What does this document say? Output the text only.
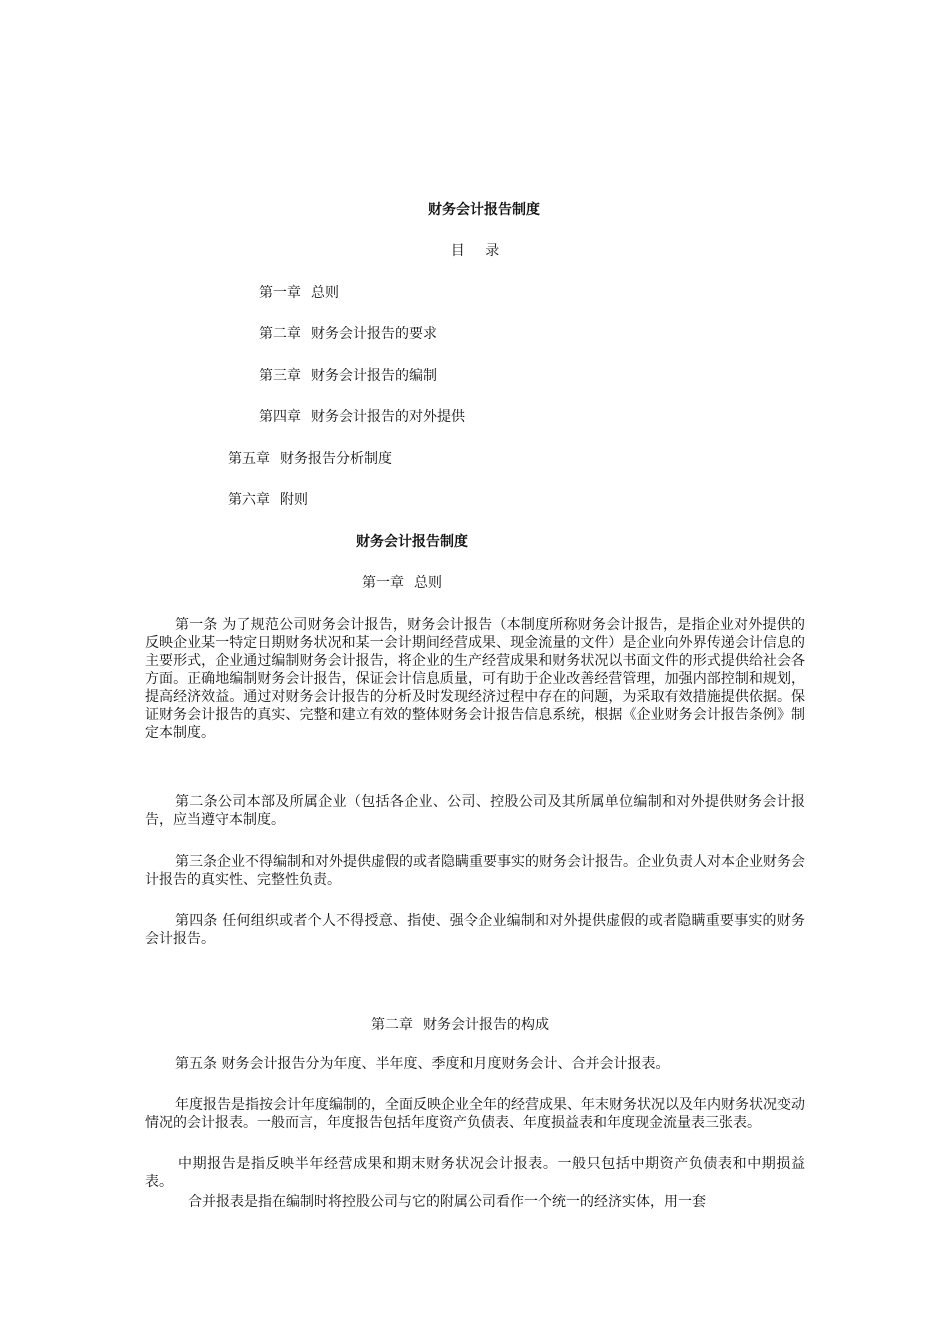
财务会计报告制度
目 录
第一章 总则
第二章 财务会计报告的要求
第三章 财务会计报告的编制
第四章 财务会计报告的对外提供
第五章 财务报告分析制度
第六章 附则
财务会计报告制度
第一章 总则

第一条 为了规范公司财务会计报告，财务会计报告（本制度所称财务会计报告，是指企业对外提供的反映企业某一特定日期财务状况和某一会计期间经营成果、现金流量的文件）是企业向外界传递会计信息的主要形式，企业通过编制财务会计报告，将企业的生产经营成果和财务状况以书面文件的形式提供给社会各方面。正确地编制财务会计报告，保证会计信息质量，可有助于企业改善经营管理，加强内部控制和规划，提高经济效益。通过对财务会计报告的分析及时发现经济过程中存在的问题，为采取有效措施提供依据。保证财务会计报告的真实、完整和建立有效的整体财务会计报告信息系统，根据《企业财务会计报告条例》制定本制度。

第二条公司本部及所属企业（包括各企业、公司、控股公司及其所属单位编制和对外提供财务会计报告，应当遵守本制度。

第三条企业不得编制和对外提供虚假的或者隐瞒重要事实的财务会计报告。企业负责人对本企业财务会计报告的真实性、完整性负责。

第四条 任何组织或者个人不得授意、指使、强令企业编制和对外提供虚假的或者隐瞒重要事实的财务会计报告。

第二章 财务会计报告的构成

第五条 财务会计报告分为年度、半年度、季度和月度财务会计、合并会计报表。

年度报告是指按会计年度编制的，全面反映企业全年的经营成果、年末财务状况以及年内财务状况变动情况的会计报表。一般而言，年度报告包括年度资产负债表、年度损益表和年度现金流量表三张表。

中期报告是指反映半年经营成果和期末财务状况会计报表。一般只包括中期资产负债表和中期损益表。

合并报表是指在编制时将控股公司与它的附属公司看作一个统一的经济实体，用一套
